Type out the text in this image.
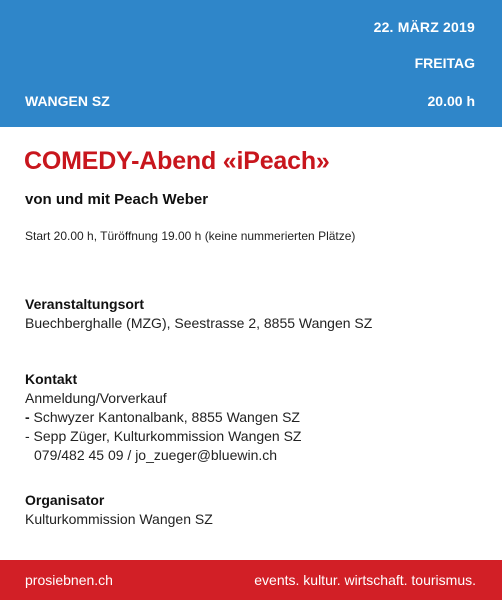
22. MÄRZ 2019
FREITAG
WANGEN SZ	20.00 h
COMEDY-Abend «iPeach»
von und mit Peach Weber
Start 20.00 h, Türöffnung 19.00 h (keine nummerierten Plätze)
Veranstaltungsort
Buechberghalle (MZG), Seestrasse 2, 8855 Wangen SZ
Kontakt
Anmeldung/Vorverkauf
- Schwyzer Kantonalbank, 8855 Wangen SZ
- Sepp Züger, Kulturkommission Wangen SZ
079/482 45 09 / jo_zueger@bluewin.ch
Organisator
Kulturkommission Wangen SZ
prosiebnen.ch	events. kultur. wirtschaft. tourismus.
